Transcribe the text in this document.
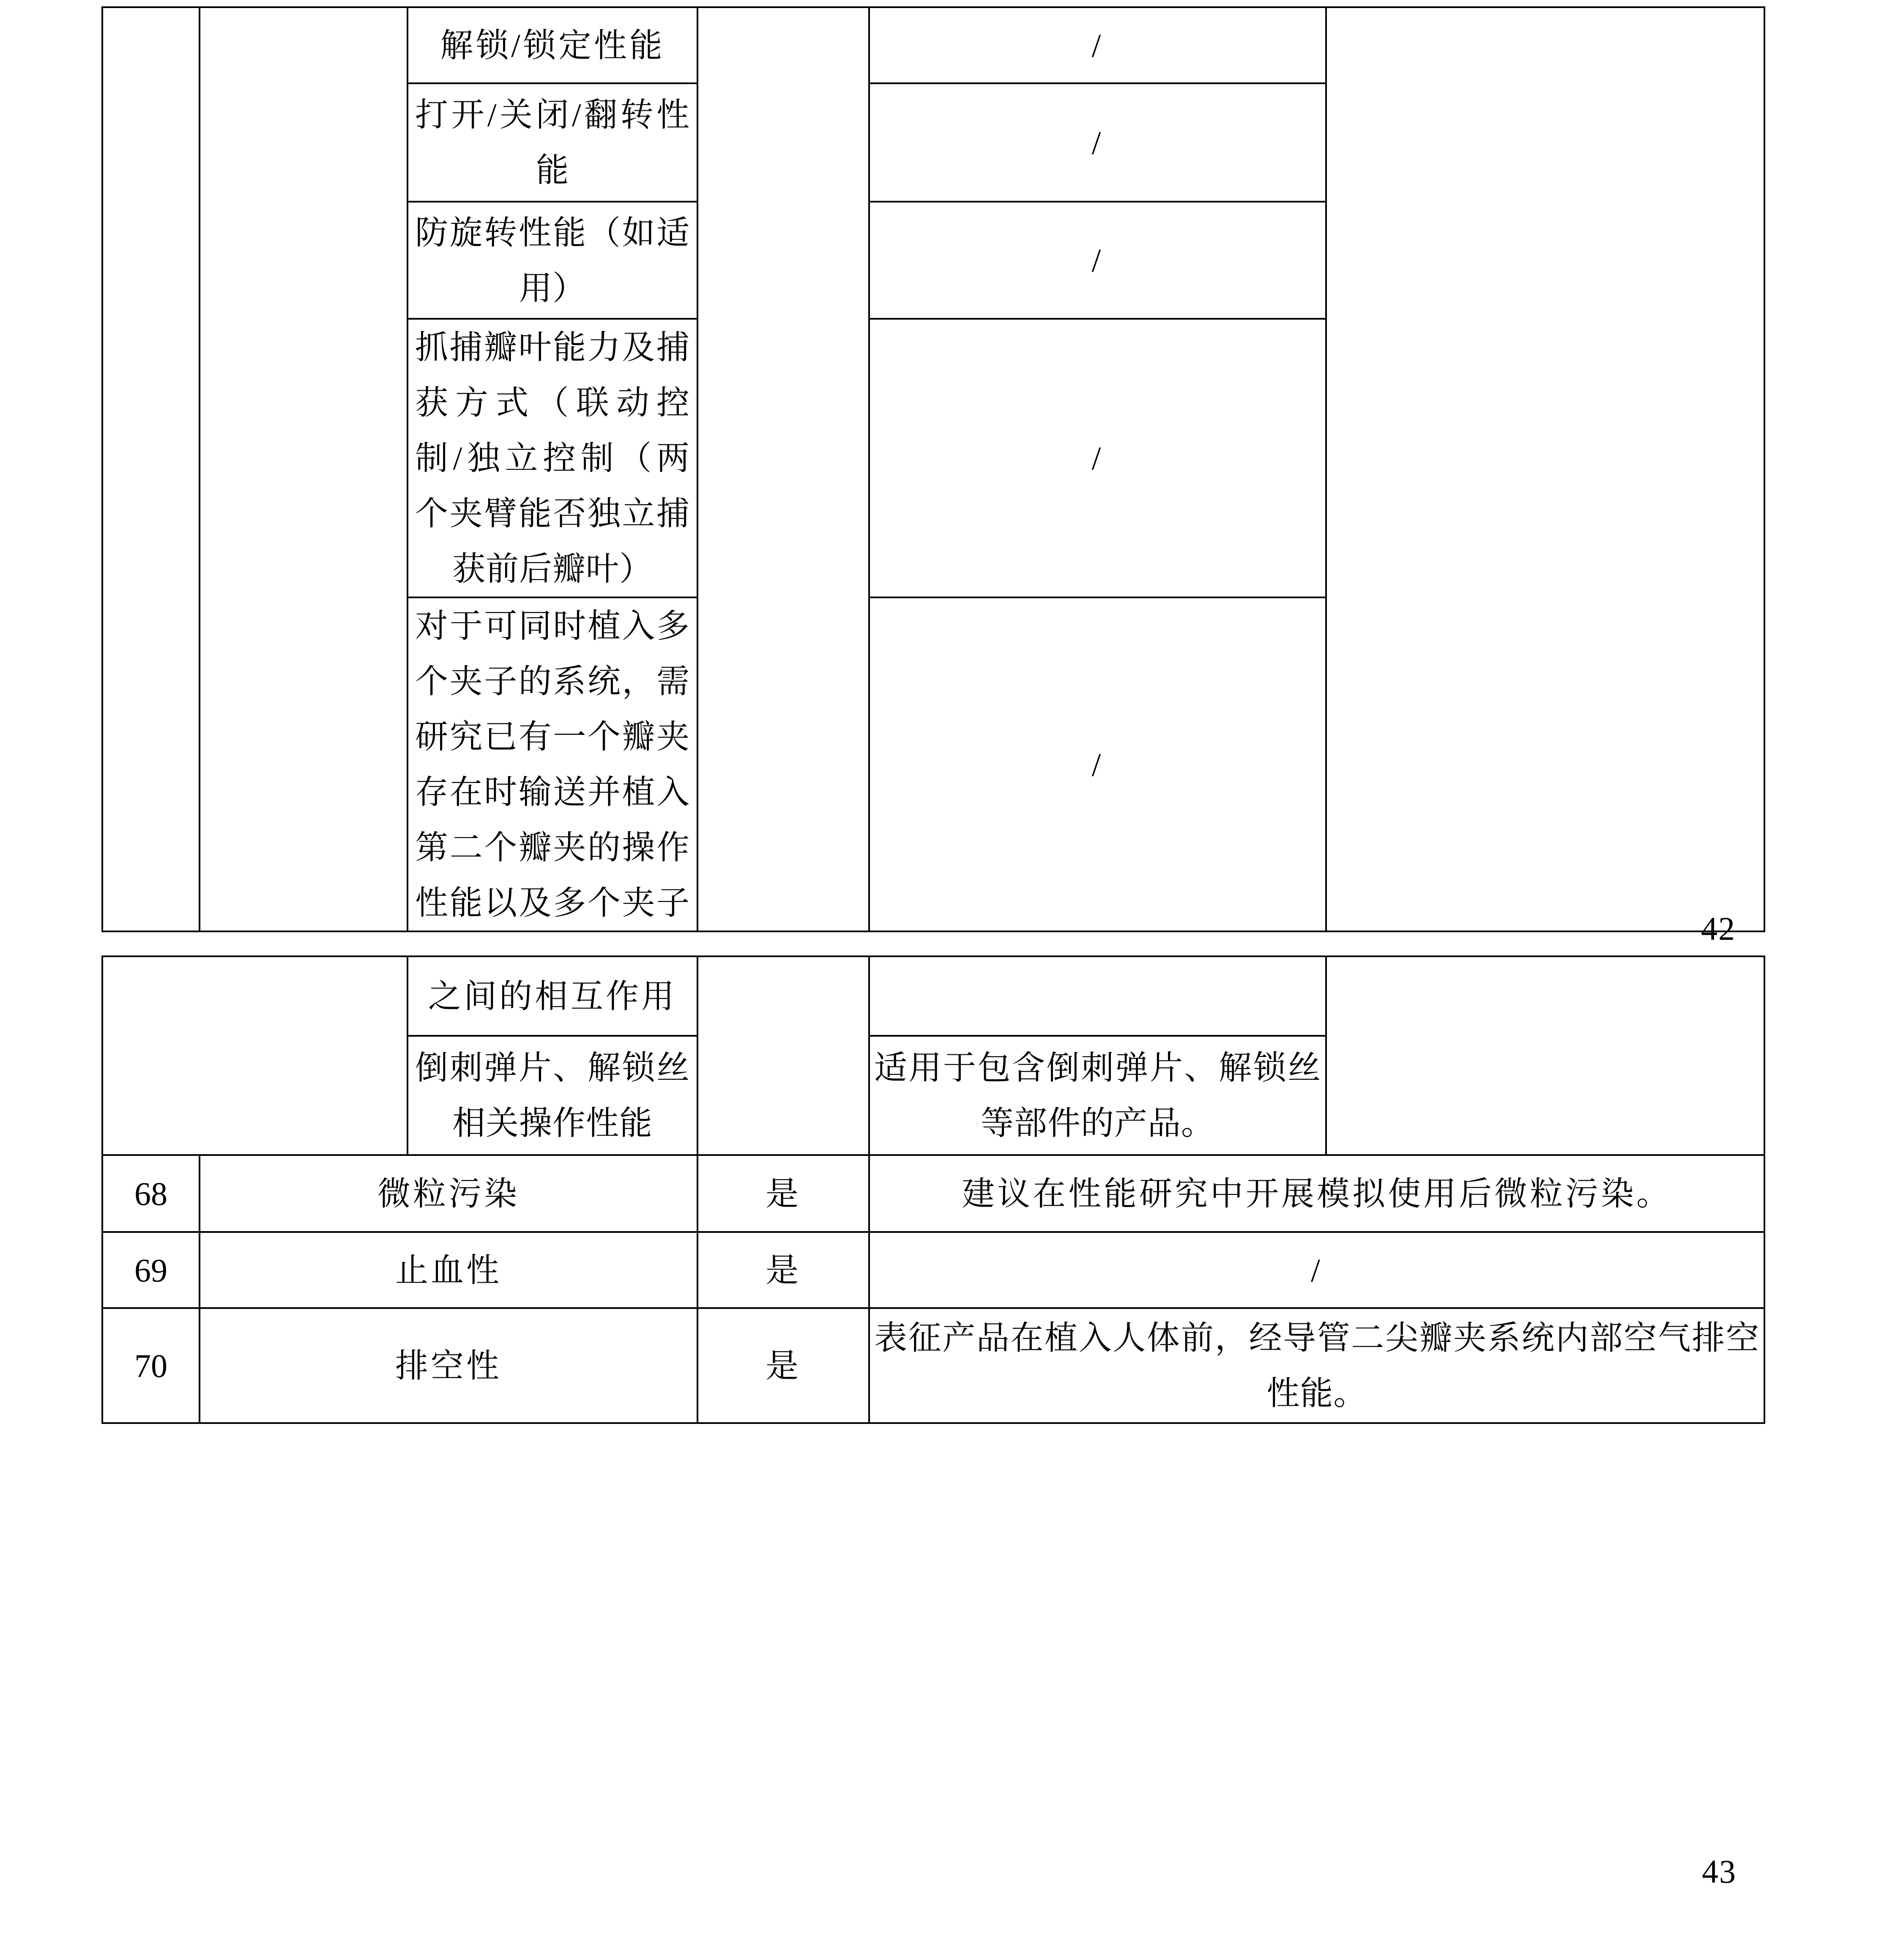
		解锁/锁定性能		/	
		打开/关闭/翻转性能		/	
		防旋转性能（如适用）		/	
		抓捕瓣叶能力及捕获方式（联动控制/独立控制（两个夹臂能否独立捕获前后瓣叶）		/	
		对于可同时植入多个夹子的系统，需研究已有一个瓣夹存在时输送并植入第二个瓣夹的操作性能以及多个夹子		/	
42
		之间的相互作用			
		倒刺弹片、解锁丝相关操作性能		适用于包含倒刺弹片、解锁丝等部件的产品。	
68	微粒污染		是	建议在性能研究中开展模拟使用后微粒污染。	
69	止血性		是	/	
70	排空性		是	表征产品在植入人体前，经导管二尖瓣夹系统内部空气排空性能。	
43
